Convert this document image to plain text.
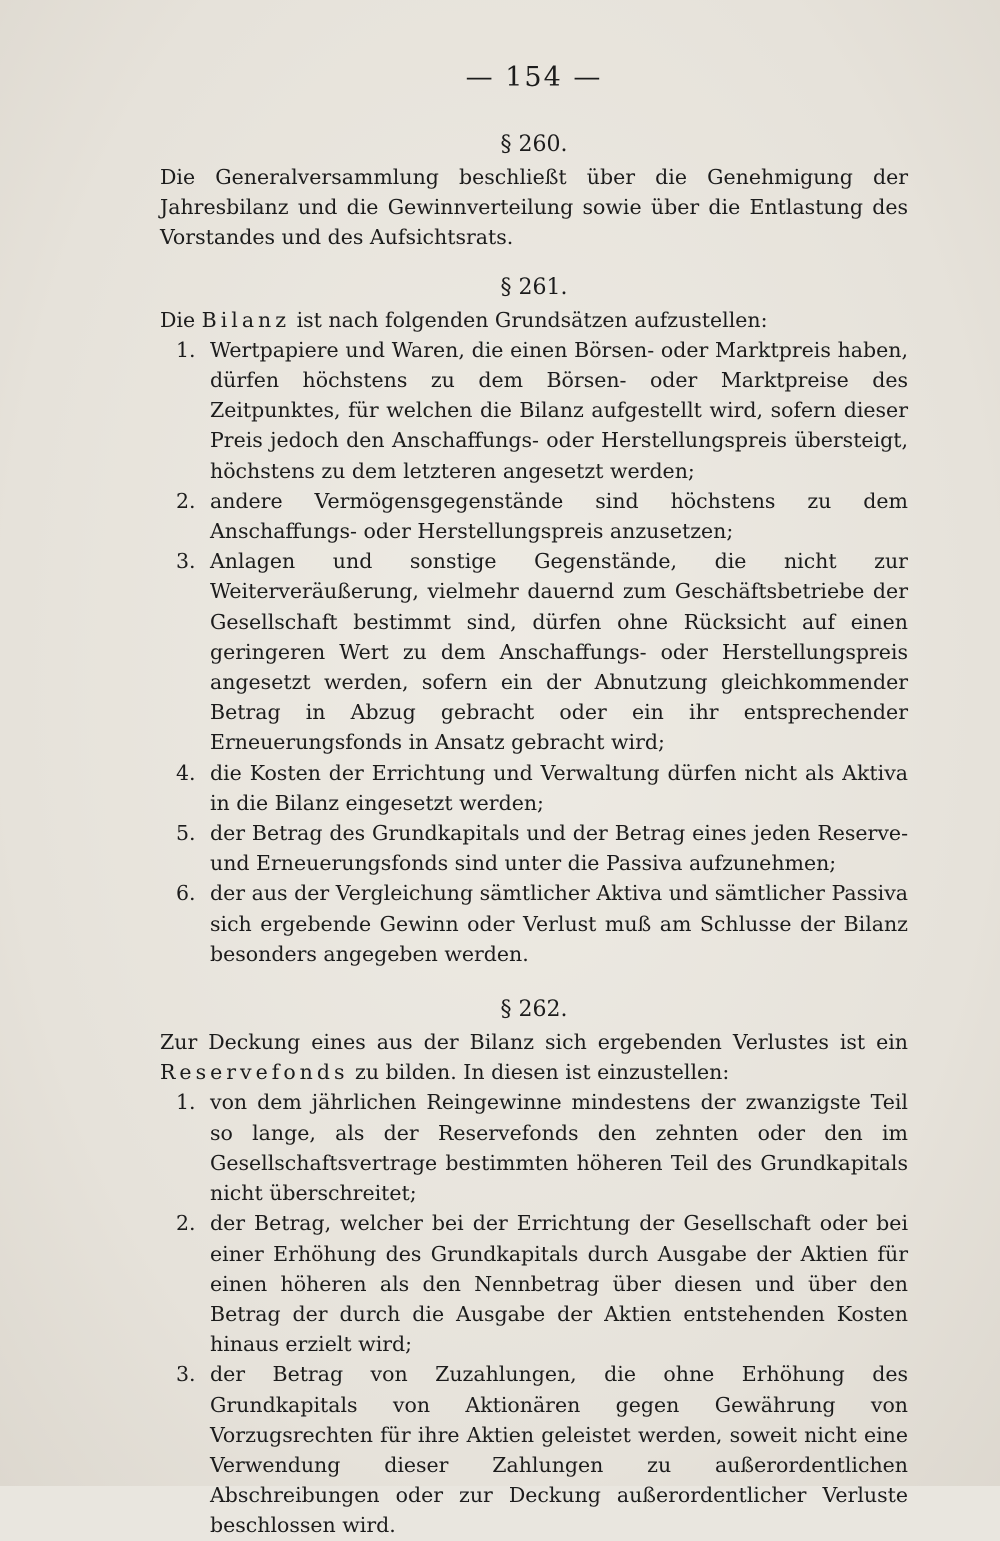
— 154 —
§ 260.

Die Generalversammlung beschließt über die Genehmigung der Jahresbilanz und die Gewinnverteilung sowie über die Entlastung des Vorstandes und des Aufsichtsrats.

§ 261.

Die Bilanz ist nach folgenden Grundsätzen aufzustellen:

1. Wertpapiere und Waren, die einen Börsen- oder Marktpreis haben, dürfen höchstens zu dem Börsen- oder Marktpreise des Zeitpunktes, für welchen die Bilanz aufgestellt wird, sofern dieser Preis jedoch den Anschaffungs- oder Herstellungspreis übersteigt, höchstens zu dem letzteren angesetzt werden;
2. andere Vermögensgegenstände sind höchstens zu dem Anschaffungs- oder Herstellungspreis anzusetzen;
3. Anlagen und sonstige Gegenstände, die nicht zur Weiterveräußerung, vielmehr dauernd zum Geschäftsbetriebe der Gesellschaft bestimmt sind, dürfen ohne Rücksicht auf einen geringeren Wert zu dem Anschaffungs- oder Herstellungspreis angesetzt werden, sofern ein der Abnutzung gleichkommender Betrag in Abzug gebracht oder ein ihr entsprechender Erneuerungsfonds in Ansatz gebracht wird;
4. die Kosten der Errichtung und Verwaltung dürfen nicht als Aktiva in die Bilanz eingesetzt werden;
5. der Betrag des Grundkapitals und der Betrag eines jeden Reserve- und Erneuerungsfonds sind unter die Passiva aufzunehmen;
6. der aus der Vergleichung sämtlicher Aktiva und sämtlicher Passiva sich ergebende Gewinn oder Verlust muß am Schlusse der Bilanz besonders angegeben werden.
§ 262.

Zur Deckung eines aus der Bilanz sich ergebenden Verlustes ist ein Reservefonds zu bilden. In diesen ist einzustellen:

1. von dem jährlichen Reingewinne mindestens der zwanzigste Teil so lange, als der Reservefonds den zehnten oder den im Gesellschaftsvertrage bestimmten höheren Teil des Grundkapitals nicht überschreitet;
2. der Betrag, welcher bei der Errichtung der Gesellschaft oder bei einer Erhöhung des Grundkapitals durch Ausgabe der Aktien für einen höheren als den Nennbetrag über diesen und über den Betrag der durch die Ausgabe der Aktien entstehenden Kosten hinaus erzielt wird;
3. der Betrag von Zuzahlungen, die ohne Erhöhung des Grundkapitals von Aktionären gegen Gewährung von Vorzugsrechten für ihre Aktien geleistet werden, soweit nicht eine Verwendung dieser Zahlungen zu außerordentlichen Abschreibungen oder zur Deckung außerordentlicher Verluste beschlossen wird.
